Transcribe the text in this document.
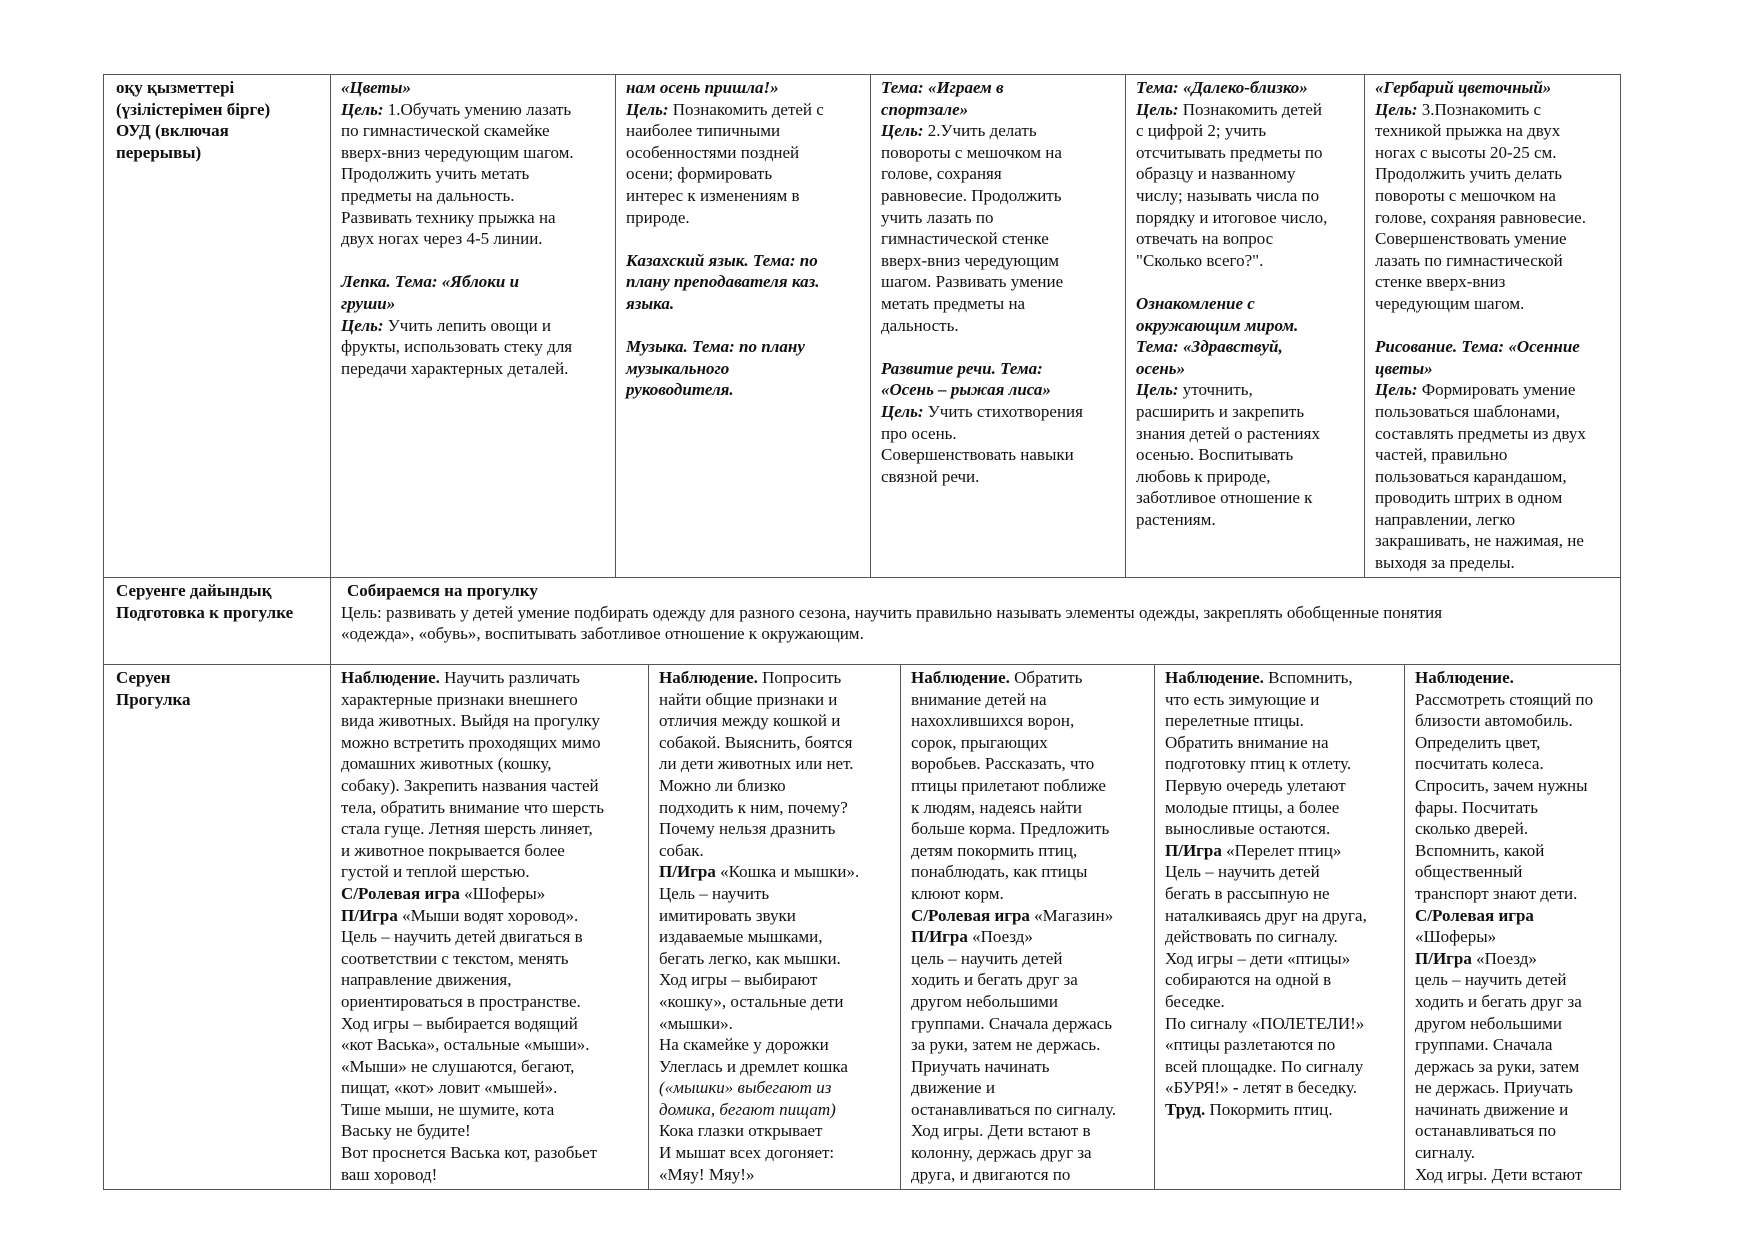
оқу қызметтері
(үзілістерімен бірге)
ОУД (включая
перерывы)

«Цветы»

Цель: 1.Обучать умению лазать
по гимнастической скамейке
вверх-вниз чередующим шагом.
Продолжить учить метать
предметы на дальность.
Развивать технику прыжка на
двух ногах через 4-5 линии.

Лепка. Тема: «Яблоки и
груши»

Цель: Учить лепить овощи и
фрукты, использовать стеку для
передачи характерных деталей.

нам осень пришла!»

Цель: Познакомить детей с
наиболее типичными
особенностями поздней
осени; формировать
интерес к изменениям в
природе.

Казахский язык. Тема: по
плану преподавателя каз.
языка.

Музыка. Тема: по плану
музыкального
руководителя.

Тема: «Играем в
спортзале»

Цель: 2.Учить делать
повороты с мешочком на
голове, сохраняя
равновесие. Продолжить
учить лазать по
гимнастической стенке
вверх-вниз чередующим
шагом. Развивать умение
метать предметы на
дальность.

Развитие речи. Тема:
«Осень – рыжая лиса»

Цель: Учить стихотворения
про осень.
Совершенствовать навыки
связной речи.

Тема: «Далеко-близко»

Цель: Познакомить детей
с цифрой 2; учить
отсчитывать предметы по
образцу и названному
числу; называть числа по
порядку и итоговое число,
отвечать на вопрос
"Сколько всего?".

Ознакомление с
окружающим миром.

Тема: «Здравствуй,
осень»

Цель: уточнить,
расширить и закрепить
знания детей о растениях
осенью. Воспитывать
любовь к природе,
заботливое отношение к
растениям.

«Гербарий цветочный»

Цель: 3.Познакомить с
техникой прыжка на двух
ногах с высоты 20-25 см.
Продолжить учить делать
повороты с мешочком на
голове, сохраняя равновесие.
Совершенствовать умение
лазать по гимнастической
стенке вверх-вниз
чередующим шагом.

Рисование. Тема: «Осенние
цветы»

Цель: Формировать умение
пользоваться шаблонами,
составлять предметы из двух
частей, правильно
пользоваться карандашом,
проводить штрих в одном
направлении, легко
закрашивать, не нажимая, не
выходя за пределы.

Серуенге дайындық
Подготовка к прогулке

Собираемся на прогулку

Цель: развивать у детей умение подбирать одежду для разного сезона, научить правильно называть элементы одежды, закреплять обобщенные понятия
«одежда», «обувь», воспитывать заботливое отношение к окружающим.
Серуен
Прогулка

Наблюдение. Научить различать
характерные признаки внешнего
вида животных. Выйдя на прогулку
можно встретить проходящих мимо
домашних животных (кошку,
собаку). Закрепить названия частей
тела, обратить внимание что шерсть
стала гуще. Летняя шерсть линяет,
и животное покрывается более
густой и теплой шерстью.

С/Ролевая игра «Шоферы»

П/Игра «Мыши водят хоровод».

Цель – научить детей двигаться в
соответствии с текстом, менять
направление движения,
ориентироваться в пространстве.
Ход игры – выбирается водящий
«кот Васька», остальные «мыши».
«Мыши» не слушаются, бегают,
пищат, «кот» ловит «мышей».
Тише мыши, не шумите, кота
Ваську не будите!
Вот проснется Васька кот, разобьет
ваш хоровод!

Наблюдение. Попросить
найти общие признаки и
отличия между кошкой и
собакой. Выяснить, боятся
ли дети животных или нет.
Можно ли близко
подходить к ним, почему?
Почему нельзя дразнить
собак.

П/Игра «Кошка и мышки».

Цель – научить
имитировать звуки
издаваемые мышками,
бегать легко, как мышки.
Ход игры – выбирают
«кошку», остальные дети
«мышки».
На скамейке у дорожки
Улеглась и дремлет кошка
(«мышки» выбегают из
домика, бегают пищат)
Кока глазки открывает
И мышат всех догоняет:
«Мяу! Мяу!»

Наблюдение. Обратить
внимание детей на
нахохлившихся ворон,
сорок, прыгающих
воробьев. Рассказать, что
птицы прилетают поближе
к людям, надеясь найти
больше корма. Предложить
детям покормить птиц,
понаблюдать, как птицы
клюют корм.

С/Ролевая игра «Магазин»

П/Игра «Поезд»

цель – научить детей
ходить и бегать друг за
другом небольшими
группами. Сначала держась
за руки, затем не держась.
Приучать начинать
движение и
останавливаться по сигналу.
Ход игры. Дети встают в
колонну, держась друг за
друга, и двигаются по

Наблюдение. Вспомнить,
что есть зимующие и
перелетные птицы.
Обратить внимание на
подготовку птиц к отлету.
Первую очередь улетают
молодые птицы, а более
выносливые остаются.

П/Игра «Перелет птиц»

Цель – научить детей
бегать в рассыпную не
наталкиваясь друг на друга,
действовать по сигналу.
Ход игры – дети «птицы»
собираются на одной в
беседке.
По сигналу «ПОЛЕТЕЛИ!»
«птицы разлетаются по
всей площадке. По сигналу

«БУРЯ!» - летят в беседку.

Труд. Покормить птиц.

Наблюдение.

Рассмотреть стоящий по
близости автомобиль.
Определить цвет,
посчитать колеса.
Спросить, зачем нужны
фары. Посчитать
сколько дверей.
Вспомнить, какой
общественный
транспорт знают дети.

С/Ролевая игра

«Шоферы»

П/Игра «Поезд»

цель – научить детей
ходить и бегать друг за
другом небольшими
группами. Сначала
держась за руки, затем
не держась. Приучать
начинать движение и
останавливаться по
сигналу.
Ход игры. Дети встают
